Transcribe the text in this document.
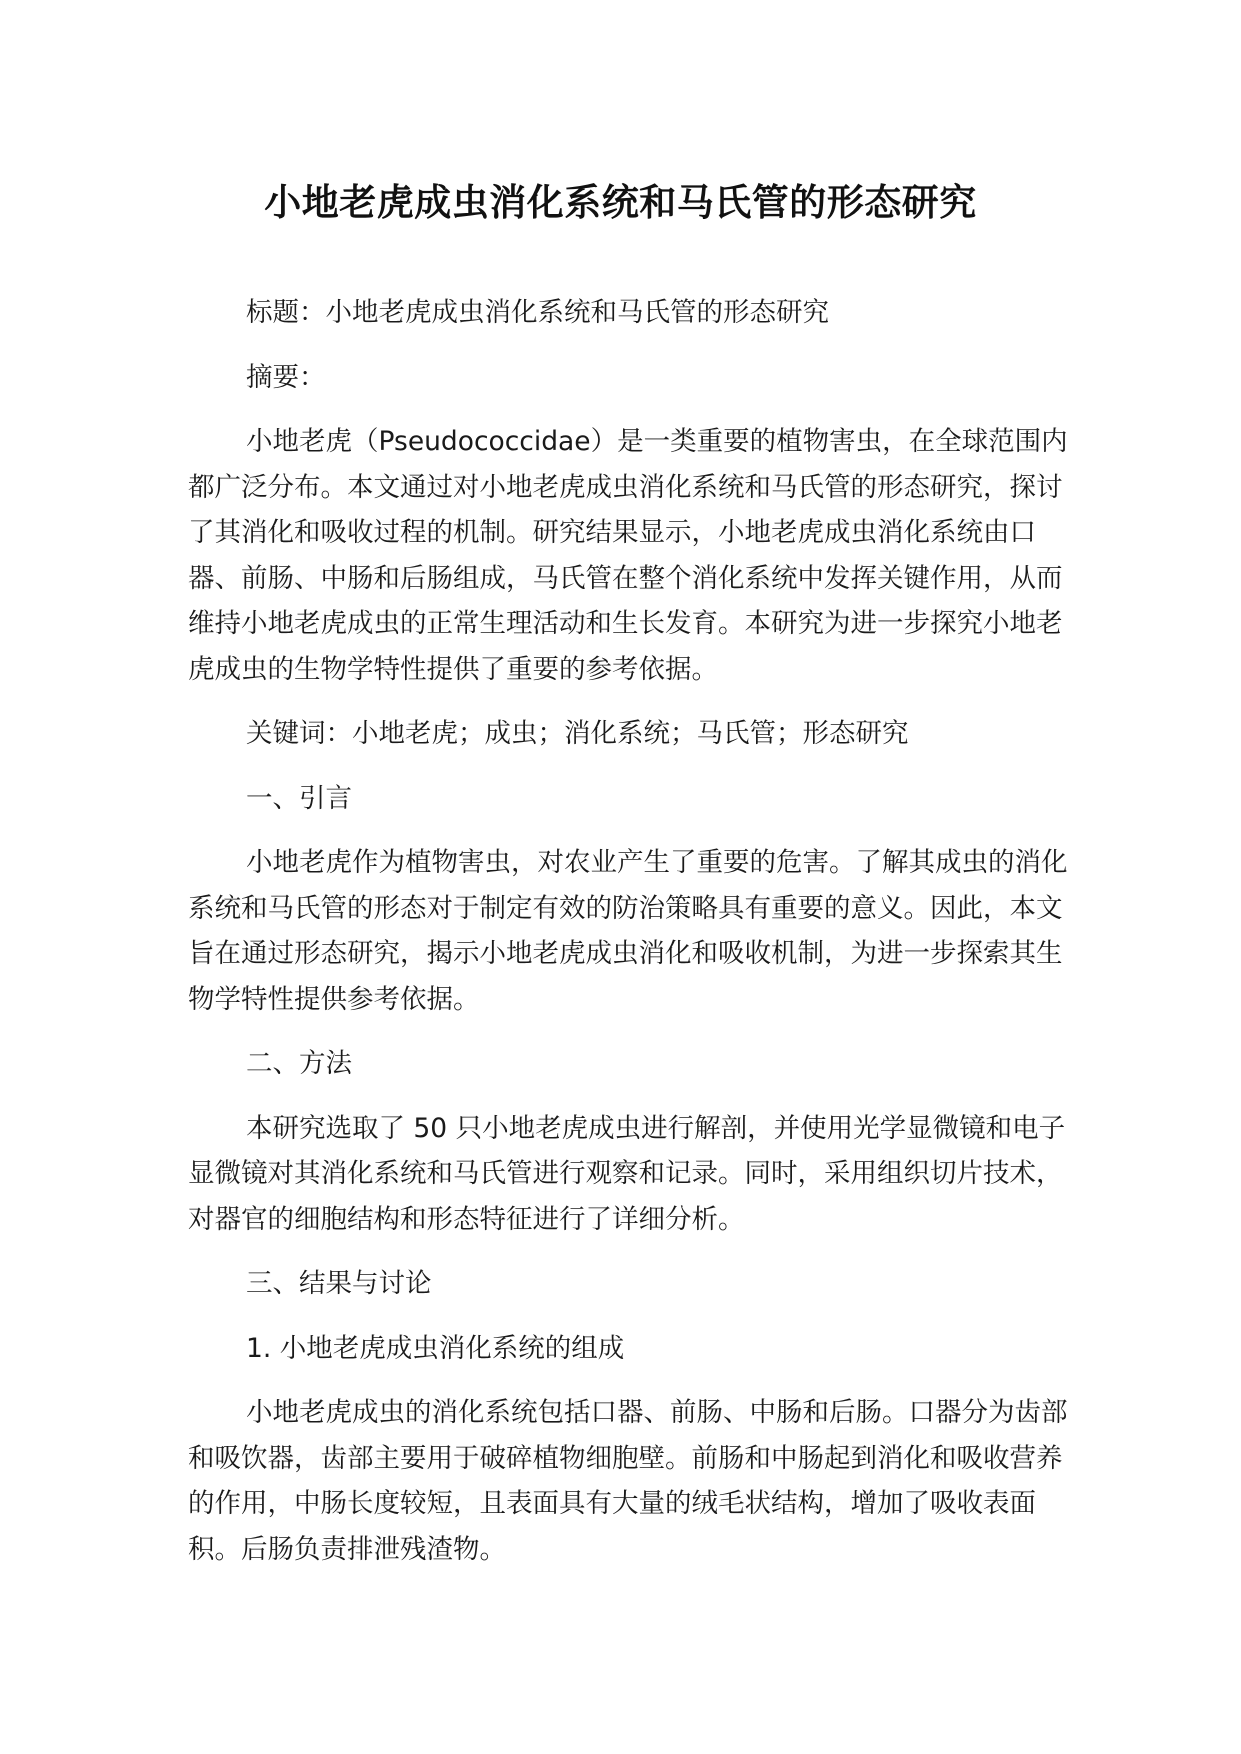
小地老虎成虫消化系统和马氏管的形态研究

标题：小地老虎成虫消化系统和马氏管的形态研究

摘要：

小地老虎（Pseudococcidae）是一类重要的植物害虫，在全球范围内都广泛分布。本文通过对小地老虎成虫消化系统和马氏管的形态研究，探讨了其消化和吸收过程的机制。研究结果显示，小地老虎成虫消化系统由口器、前肠、中肠和后肠组成，马氏管在整个消化系统中发挥关键作用，从而维持小地老虎成虫的正常生理活动和生长发育。本研究为进一步探究小地老虎成虫的生物学特性提供了重要的参考依据。

关键词：小地老虎；成虫；消化系统；马氏管；形态研究

一、引言

小地老虎作为植物害虫，对农业产生了重要的危害。了解其成虫的消化系统和马氏管的形态对于制定有效的防治策略具有重要的意义。因此，本文旨在通过形态研究，揭示小地老虎成虫消化和吸收机制，为进一步探索其生物学特性提供参考依据。

二、方法

本研究选取了 50 只小地老虎成虫进行解剖，并使用光学显微镜和电子显微镜对其消化系统和马氏管进行观察和记录。同时，采用组织切片技术，对器官的细胞结构和形态特征进行了详细分析。

三、结果与讨论

1. 小地老虎成虫消化系统的组成

小地老虎成虫的消化系统包括口器、前肠、中肠和后肠。口器分为齿部和吸饮器，齿部主要用于破碎植物细胞壁。前肠和中肠起到消化和吸收营养的作用，中肠长度较短，且表面具有大量的绒毛状结构，增加了吸收表面积。后肠负责排泄残渣物。
